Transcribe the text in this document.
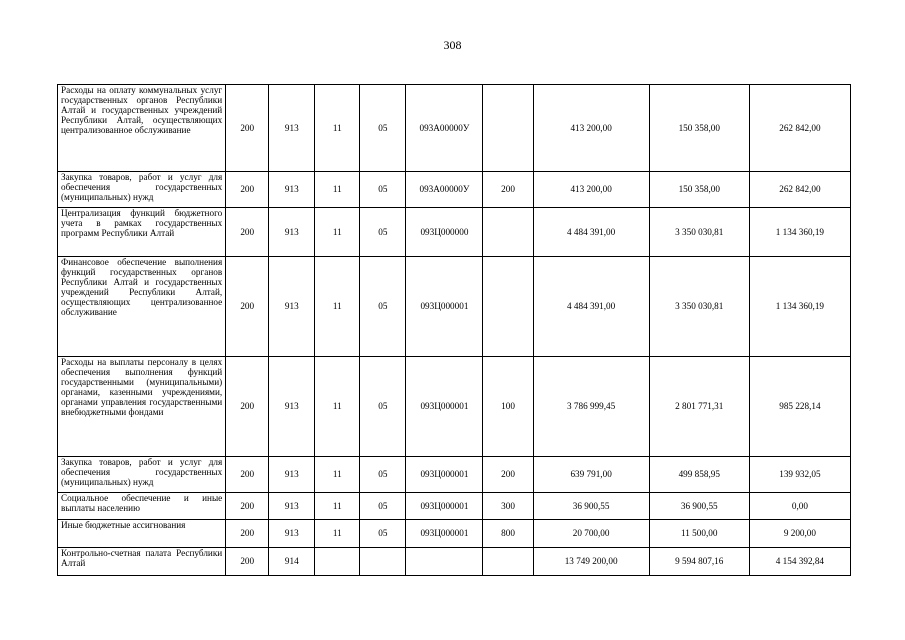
308
Расходы на оплату коммунальных услуг государственных органов Республики Алтай и государственных учреждений Республики Алтай, осуществляющих централизованное обслуживание	200	913	11	05	093А00000У		413 200,00	150 358,00	262 842,00
Закупка товаров, работ и услуг для обеспечения государственных (муниципальных) нужд	200	913	11	05	093А00000У	200	413 200,00	150 358,00	262 842,00
Централизация функций бюджетного учета в рамках государственных программ Республики Алтай	200	913	11	05	093Ц000000		4 484 391,00	3 350 030,81	1 134 360,19
Финансовое обеспечение выполнения функций государственных органов Республики Алтай и государственных учреждений Республики Алтай, осуществляющих централизованное обслуживание	200	913	11	05	093Ц000001		4 484 391,00	3 350 030,81	1 134 360,19
Расходы на выплаты персоналу в целях обеспечения выполнения функций государственными (муниципальными) органами, казенными учреждениями, органами управления государственными внебюджетными фондами	200	913	11	05	093Ц000001	100	3 786 999,45	2 801 771,31	985 228,14
Закупка товаров, работ и услуг для обеспечения государственных (муниципальных) нужд	200	913	11	05	093Ц000001	200	639 791,00	499 858,95	139 932,05
Социальное обеспечение и иные выплаты населению	200	913	11	05	093Ц000001	300	36 900,55	36 900,55	0,00
Иные бюджетные ассигнования	200	913	11	05	093Ц000001	800	20 700,00	11 500,00	9 200,00
Контрольно-счетная палата Республики Алтай	200	914					13 749 200,00	9 594 807,16	4 154 392,84
